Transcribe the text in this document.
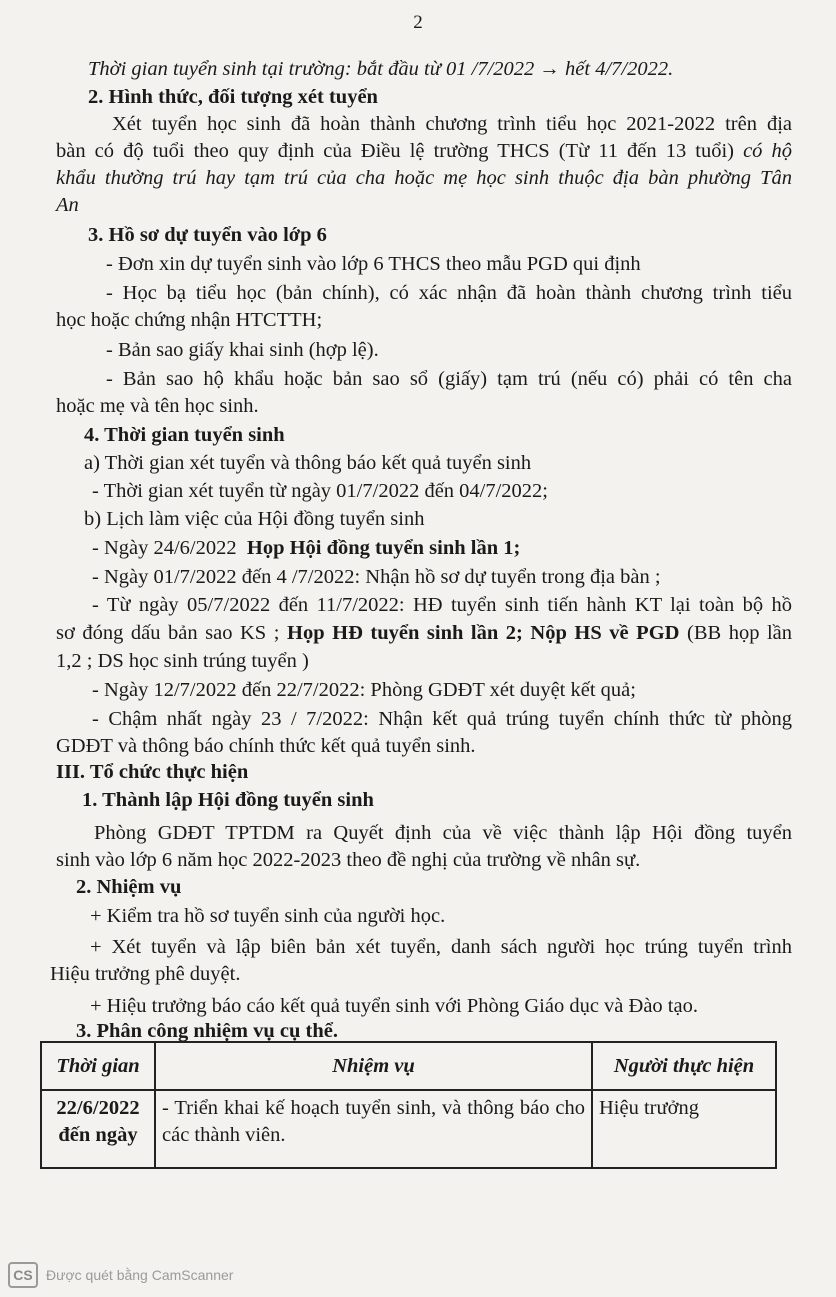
2
Thời gian tuyển sinh tại trường: bắt đầu từ 01 /7/2022 → hết 4/7/2022.
2. Hình thức, đối tượng xét tuyển
Xét tuyển học sinh đã hoàn thành chương trình tiểu học 2021-2022 trên địa
bàn có độ tuổi theo quy định của Điều lệ trường THCS (Từ 11 đến 13 tuổi) có hộ
khẩu thường trú hay tạm trú của cha hoặc mẹ học sinh thuộc địa bàn phường Tân
An
3. Hồ sơ dự tuyển vào lớp 6
- Đơn xin dự tuyển sinh vào lớp 6 THCS theo mẫu PGD qui định
- Học bạ tiểu học (bản chính), có xác nhận đã hoàn thành chương trình tiểu
học hoặc chứng nhận HTCTTH;
- Bản sao giấy khai sinh (hợp lệ).
- Bản sao hộ khẩu hoặc bản sao sổ (giấy) tạm trú (nếu có) phải có tên cha
hoặc mẹ và tên học sinh.
4. Thời gian tuyển sinh
a) Thời gian xét tuyển và thông báo kết quả tuyển sinh
- Thời gian xét tuyển từ ngày 01/7/2022 đến 04/7/2022;
b) Lịch làm việc của Hội đồng tuyển sinh
- Ngày 24/6/2022 Họp Hội đồng tuyển sinh lần 1;
- Ngày 01/7/2022 đến 4 /7/2022: Nhận hồ sơ dự tuyển trong địa bàn ;
- Từ ngày 05/7/2022 đến 11/7/2022: HĐ tuyển sinh tiến hành KT lại toàn bộ hồ
sơ đóng dấu bản sao KS ; Họp HĐ tuyển sinh lần 2; Nộp HS về PGD (BB họp lần
1,2 ; DS học sinh trúng tuyển )
- Ngày 12/7/2022 đến 22/7/2022: Phòng GDĐT xét duyệt kết quả;
- Chậm nhất ngày 23 / 7/2022: Nhận kết quả trúng tuyển chính thức từ phòng
GDĐT và thông báo chính thức kết quả tuyển sinh.
III. Tổ chức thực hiện
1. Thành lập Hội đồng tuyển sinh
Phòng GDĐT TPTDM ra Quyết định của về việc thành lập Hội đồng tuyển
sinh vào lớp 6 năm học 2022-2023 theo đề nghị của trường về nhân sự.
2. Nhiệm vụ
+ Kiểm tra hồ sơ tuyển sinh của người học.
+ Xét tuyển và lập biên bản xét tuyển, danh sách người học trúng tuyển trình
Hiệu trưởng phê duyệt.
+ Hiệu trưởng báo cáo kết quả tuyển sinh với Phòng Giáo dục và Đào tạo.
3. Phân công nhiệm vụ cụ thể.
Thời gian	Nhiệm vụ	Người thực hiện

22/6/2022
đến ngày	- Triển khai kế hoạch tuyển sinh, và thông báo cho các thành viên.	Hiệu trưởng
CS Được quét bằng CamScanner
